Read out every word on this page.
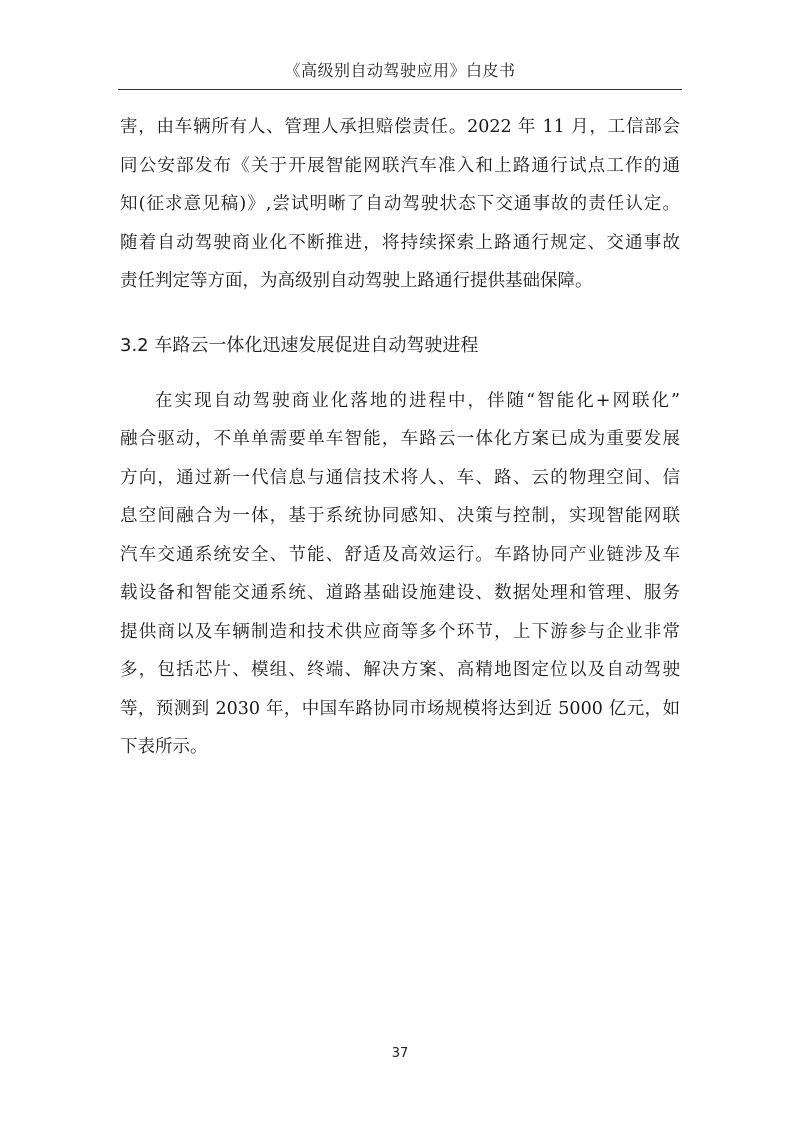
《高级别自动驾驶应用》白皮书
害，由车辆所有人、管理人承担赔偿责任。2022 年 11 月，工信部会
同公安部发布《关于开展智能网联汽车准入和上路通行试点工作的通
知(征求意见稿)》,尝试明晰了自动驾驶状态下交通事故的责任认定。
随着自动驾驶商业化不断推进，将持续探索上路通行规定、交通事故
责任判定等方面，为高级别自动驾驶上路通行提供基础保障。
3.2 车路云一体化迅速发展促进自动驾驶进程
在实现自动驾驶商业化落地的进程中，伴随“智能化+网联化”
融合驱动，不单单需要单车智能，车路云一体化方案已成为重要发展
方向，通过新一代信息与通信技术将人、车、路、云的物理空间、信
息空间融合为一体，基于系统协同感知、决策与控制，实现智能网联
汽车交通系统安全、节能、舒适及高效运行。车路协同产业链涉及车
载设备和智能交通系统、道路基础设施建设、数据处理和管理、服务
提供商以及车辆制造和技术供应商等多个环节，上下游参与企业非常
多，包括芯片、模组、终端、解决方案、高精地图定位以及自动驾驶
等，预测到 2030 年，中国车路协同市场规模将达到近 5000 亿元，如
下表所示。
37
